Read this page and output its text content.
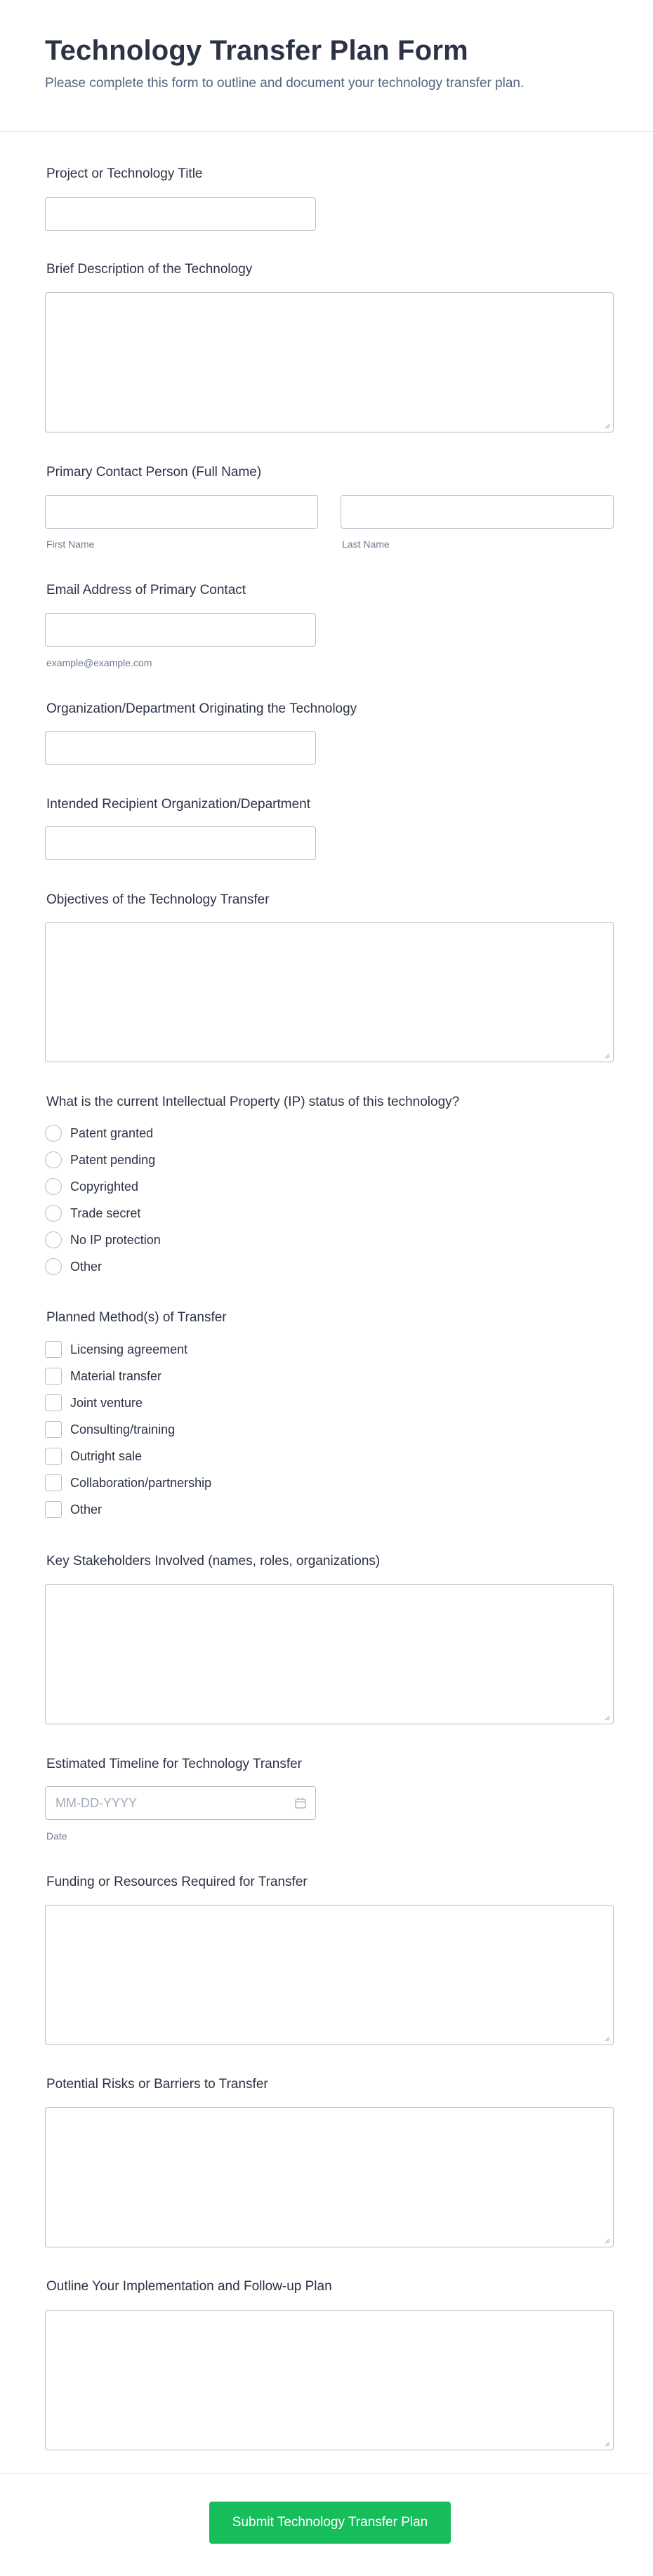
Technology Transfer Plan Form
Please complete this form to outline and document your technology transfer plan.
Project or Technology Title
Brief Description of the Technology
Primary Contact Person (Full Name)
First Name	Last Name
Email Address of Primary Contact
example@example.com
Organization/Department Originating the Technology
Intended Recipient Organization/Department
Objectives of the Technology Transfer
What is the current Intellectual Property (IP) status of this technology?
Patent granted
Patent pending
Copyrighted
Trade secret
No IP protection
Other
Planned Method(s) of Transfer
Licensing agreement
Material transfer
Joint venture
Consulting/training
Outright sale
Collaboration/partnership
Other
Key Stakeholders Involved (names, roles, organizations)
Estimated Timeline for Technology Transfer
MM-DD-YYYY
Date
Funding or Resources Required for Transfer
Potential Risks or Barriers to Transfer
Outline Your Implementation and Follow-up Plan
Submit Technology Transfer Plan
